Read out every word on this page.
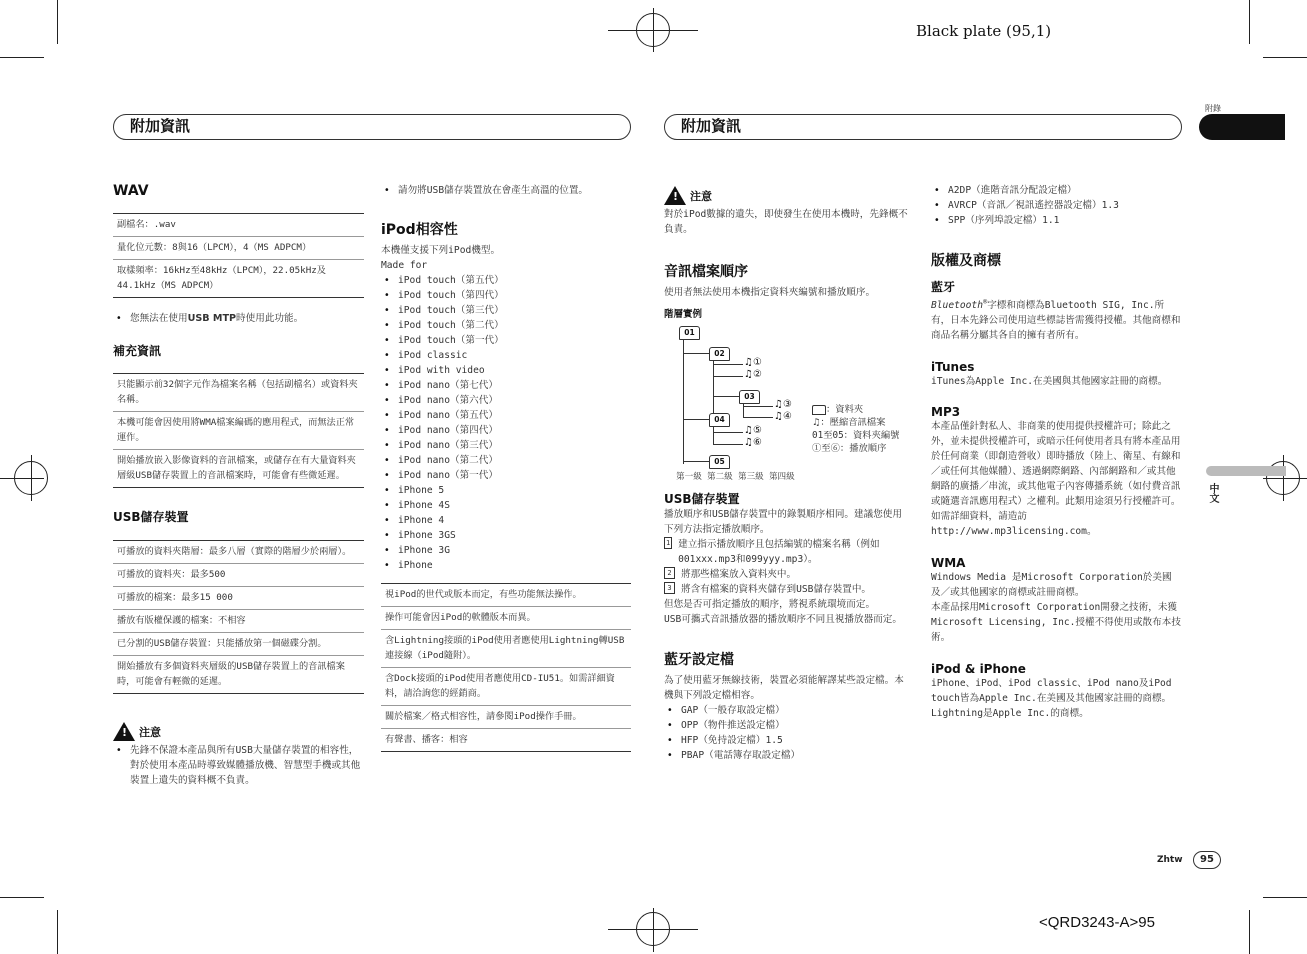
Black plate (95,1)
附加資訊	附加資訊
附錄
中文
WAV
副檔名：.wav
量化位元數：8與16（LPCM），4（MS ADPCM）
取樣頻率：16kHz至48kHz（LPCM），22.05kHz及44.1kHz（MS ADPCM）
• 您無法在使用USB MTP時使用此功能。
補充資訊
只能顯示前32個字元作為檔案名稱（包括副檔名）或資料夾名稱。
本機可能會因使用將WMA檔案編碼的應用程式，而無法正常運作。
開始播放嵌入影像資料的音訊檔案，或儲存在有大量資料夾層級USB儲存裝置上的音訊檔案時，可能會有些微延遲。
USB儲存裝置
可播放的資料夾階層：最多八層（實際的階層少於兩層）。
可播放的資料夾：最多500
可播放的檔案：最多15 000
播放有版權保護的檔案：不相容
已分割的USB儲存裝置：只能播放第一個磁碟分割。
開始播放有多個資料夾層級的USB儲存裝置上的音訊檔案時，可能會有輕微的延遲。
! 注意
• 先鋒不保證本產品與所有USB大量儲存裝置的相容性，對於使用本產品時導致媒體播放機、智慧型手機或其他裝置上遺失的資料概不負責。
• 請勿將USB儲存裝置放在會產生高溫的位置。
iPod相容性
本機僅支援下列iPod機型。
Made for
• iPod touch（第五代）
• iPod touch（第四代）
• iPod touch（第三代）
• iPod touch（第二代）
• iPod touch（第一代）
• iPod classic
• iPod with video
• iPod nano（第七代）
• iPod nano（第六代）
• iPod nano（第五代）
• iPod nano（第四代）
• iPod nano（第三代）
• iPod nano（第二代）
• iPod nano（第一代）
• iPhone 5
• iPhone 4S
• iPhone 4
• iPhone 3GS
• iPhone 3G
• iPhone
視iPod的世代或版本而定，有些功能無法操作。
操作可能會因iPod的軟體版本而異。
含Lightning接頭的iPod使用者應使用Lightning轉USB連接線（iPod隨附）。
含Dock接頭的iPod使用者應使用CD-IU51。如需詳細資料，請洽詢您的經銷商。
關於檔案／格式相容性，請參閱iPod操作手冊。
有聲書、播客：相容
! 注意
對於iPod數據的遺失，即使發生在使用本機時，先鋒概不負責。
音訊檔案順序
使用者無法使用本機指定資料夾編號和播放順序。
階層實例
01
02
03
04
05
♫①
♫②
♫③
♫④
♫⑤
♫⑥
：資料夾
♫：壓縮音訊檔案
01至05：資料夾編號
①至⑥：播放順序
第一級 第二級 第三級 第四級
USB儲存裝置
播放順序和USB儲存裝置中的錄製順序相同。建議您使用下列方法指定播放順序。
1 建立指示播放順序且包括編號的檔案名稱（例如001xxx.mp3和099yyy.mp3）。
2 將那些檔案放入資料夾中。
3 將含有檔案的資料夾儲存到USB儲存裝置中。
但您是否可指定播放的順序，將視系統環境而定。
USB可攜式音訊播放器的播放順序不同且視播放器而定。
藍牙設定檔
為了使用藍牙無線技術，裝置必須能解譯某些設定檔。本機與下列設定檔相容。
• GAP（一般存取設定檔）
• OPP（物件推送設定檔）
• HFP（免持設定檔）1.5
• PBAP（電話簿存取設定檔）
• A2DP（進階音訊分配設定檔）
• AVRCP（音訊／視訊遙控器設定檔）1.3
• SPP（序列埠設定檔）1.1
版權及商標
藍牙
Bluetooth®字標和商標為Bluetooth SIG, Inc.所有，日本先鋒公司使用這些標誌皆需獲得授權。其他商標和商品名稱分屬其各自的擁有者所有。
iTunes
iTunes為Apple Inc.在美國與其他國家註冊的商標。
MP3
本產品僅針對私人、非商業的使用提供授權許可；除此之外，並未提供授權許可，或暗示任何使用者具有將本產品用於任何商業（即創造營收）即時播放（陸上、衛星、有線和／或任何其他媒體）、透過網際網路、內部網路和／或其他網路的廣播／串流，或其他電子內容傳播系統（如付費音訊或隨選音訊應用程式）之權利。此類用途須另行授權許可。如需詳細資料，請造訪
http://www.mp3licensing.com。
WMA
Windows Media 是Microsoft Corporation於美國及／或其他國家的商標或註冊商標。
本產品採用Microsoft Corporation開發之技術，未獲Microsoft Licensing, Inc.授權不得使用或散布本技術。
iPod & iPhone
iPhone、iPod、iPod classic、iPod nano及iPod touch皆為Apple Inc.在美國及其他國家註冊的商標。
Lightning是Apple Inc.的商標。
Zhtw	95
<QRD3243-A>95
